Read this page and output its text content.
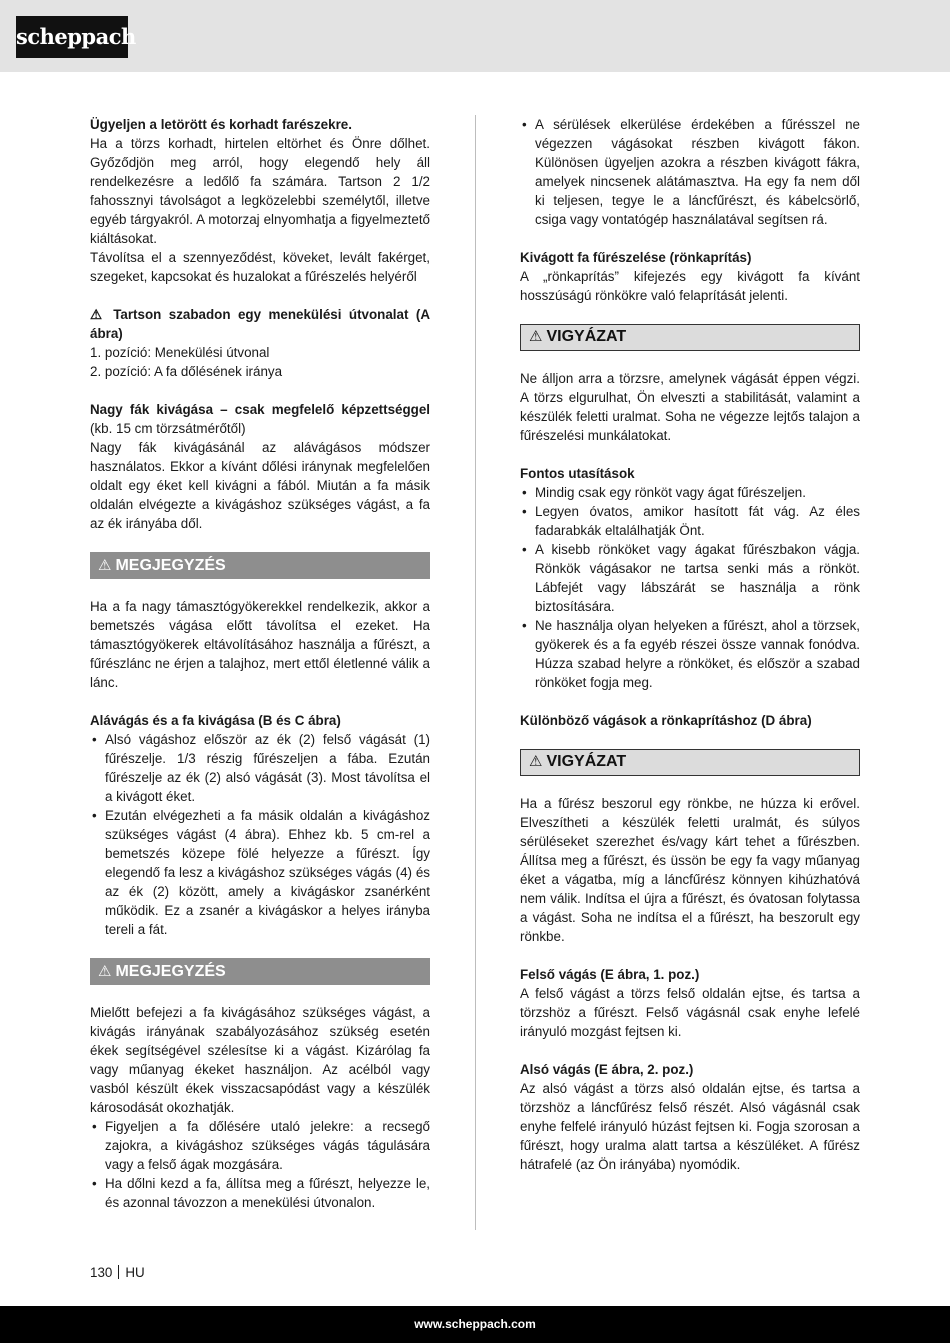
scheppach

Ügyeljen a letörött és korhadt farészekre.

Ha a törzs korhadt, hirtelen eltörhet és Önre dőlhet. Győződjön meg arról, hogy elegendő hely áll rendelkezésre a ledőlő fa számára. Tartson 2 1/2 fahossznyi távolságot a legközelebbi személytől, illetve egyéb tárgyakról. A motorzaj elnyomhatja a figyelmeztető kiáltásokat.

Távolítsa el a szennyeződést, köveket, levált fakérget, szegeket, kapcsokat és huzalokat a fűrészelés helyéről

⚠ Tartson szabadon egy menekülési útvonalat (A ábra)

1. pozíció: Menekülési útvonal

2. pozíció: A fa dőlésének iránya

Nagy fák kivágása – csak megfelelő képzettséggel (kb. 15 cm törzsátmérőtől)

Nagy fák kivágásánál az alávágásos módszer használatos. Ekkor a kívánt dőlési iránynak megfelelően oldalt egy éket kell kivágni a fából. Miután a fa másik oldalán elvégezte a kivágáshoz szükséges vágást, a fa az ék irányába dől.

⚠ MEGJEGYZÉS

Ha a fa nagy támasztógyökerekkel rendelkezik, akkor a bemetszés vágása előtt távolítsa el ezeket. Ha támasztógyökerek eltávolításához használja a fűrészt, a fűrészlánc ne érjen a talajhoz, mert ettől életlenné válik a lánc.

Alávágás és a fa kivágása (B és C ábra)

• Alsó vágáshoz először az ék (2) felső vágását (1) fűrészelje. 1/3 részig fűrészeljen a fába. Ezután fűrészelje az ék (2) alsó vágását (3). Most távolítsa el a kivágott éket.
• Ezután elvégezheti a fa másik oldalán a kivágáshoz szükséges vágást (4 ábra). Ehhez kb. 5 cm-rel a bemetszés közepe fölé helyezze a fűrészt. Így elegendő fa lesz a kivágáshoz szükséges vágás (4) és az ék (2) között, amely a kivágáskor zsanérként működik. Ez a zsanér a kivágáskor a helyes irányba tereli a fát.
⚠ MEGJEGYZÉS

Mielőtt befejezi a fa kivágásához szükséges vágást, a kivágás irányának szabályozásához szükség esetén ékek segítségével szélesítse ki a vágást. Kizárólag fa vagy műanyag ékeket használjon. Az acélból vagy vasból készült ékek visszacsapódást vagy a készülék károsodását okozhatják.

• Figyeljen a fa dőlésére utaló jelekre: a recsegő zajokra, a kivágáshoz szükséges vágás tágulására vagy a felső ágak mozgására.
• Ha dőlni kezd a fa, állítsa meg a fűrészt, helyezze le, és azonnal távozzon a menekülési útvonalon.
• A sérülések elkerülése érdekében a fűrésszel ne végezzen vágásokat részben kivágott fákon. Különösen ügyeljen azokra a részben kivágott fákra, amelyek nincsenek alátámasztva. Ha egy fa nem dől ki teljesen, tegye le a láncfűrészt, és kábelcsörlő, csiga vagy vontatógép használatával segítsen rá.

Kivágott fa fűrészelése (rönkaprítás)

A „rönkaprítás” kifejezés egy kivágott fa kívánt hosszúságú rönkökre való felaprítását jelenti.

⚠ VIGYÁZAT

Ne álljon arra a törzsre, amelynek vágását éppen végzi. A törzs elgurulhat, Ön elveszti a stabilitását, valamint a készülék feletti uralmat. Soha ne végezze lejtős talajon a fűrészelési munkálatokat.

Fontos utasítások

• Mindig csak egy rönköt vagy ágat fűrészeljen.
• Legyen óvatos, amikor hasított fát vág. Az éles fadarabkák eltalálhatják Önt.
• A kisebb rönköket vagy ágakat fűrészbakon vágja. Rönkök vágásakor ne tartsa senki más a rönköt. Lábfejét vagy lábszárát se használja a rönk biztosítására.
• Ne használja olyan helyeken a fűrészt, ahol a törzsek, gyökerek és a fa egyéb részei össze vannak fonódva. Húzza szabad helyre a rönköket, és először a szabad rönköket fogja meg.

Különböző vágások a rönkaprításhoz (D ábra)

⚠ VIGYÁZAT

Ha a fűrész beszorul egy rönkbe, ne húzza ki erővel. Elveszítheti a készülék feletti uralmát, és súlyos sérüléseket szerezhet és/vagy kárt tehet a fűrészben. Állítsa meg a fűrészt, és üssön be egy fa vagy műanyag éket a vágatba, míg a láncfűrész könnyen kihúzhatóvá nem válik. Indítsa el újra a fűrészt, és óvatosan folytassa a vágást. Soha ne indítsa el a fűrészt, ha beszorult egy rönkbe.

Felső vágás (E ábra, 1. poz.)

A felső vágást a törzs felső oldalán ejtse, és tartsa a törzshöz a fűrészt. Felső vágásnál csak enyhe lefelé irányuló mozgást fejtsen ki.

Alsó vágás (E ábra, 2. poz.)

Az alsó vágást a törzs alsó oldalán ejtse, és tartsa a törzshöz a láncfűrész felső részét. Alsó vágásnál csak enyhe felfelé irányuló húzást fejtsen ki. Fogja szorosan a fűrészt, hogy uralma alatt tartsa a készüléket. A fűrész hátrafelé (az Ön irányába) nyomódik.

130 HU
www.scheppach.com
